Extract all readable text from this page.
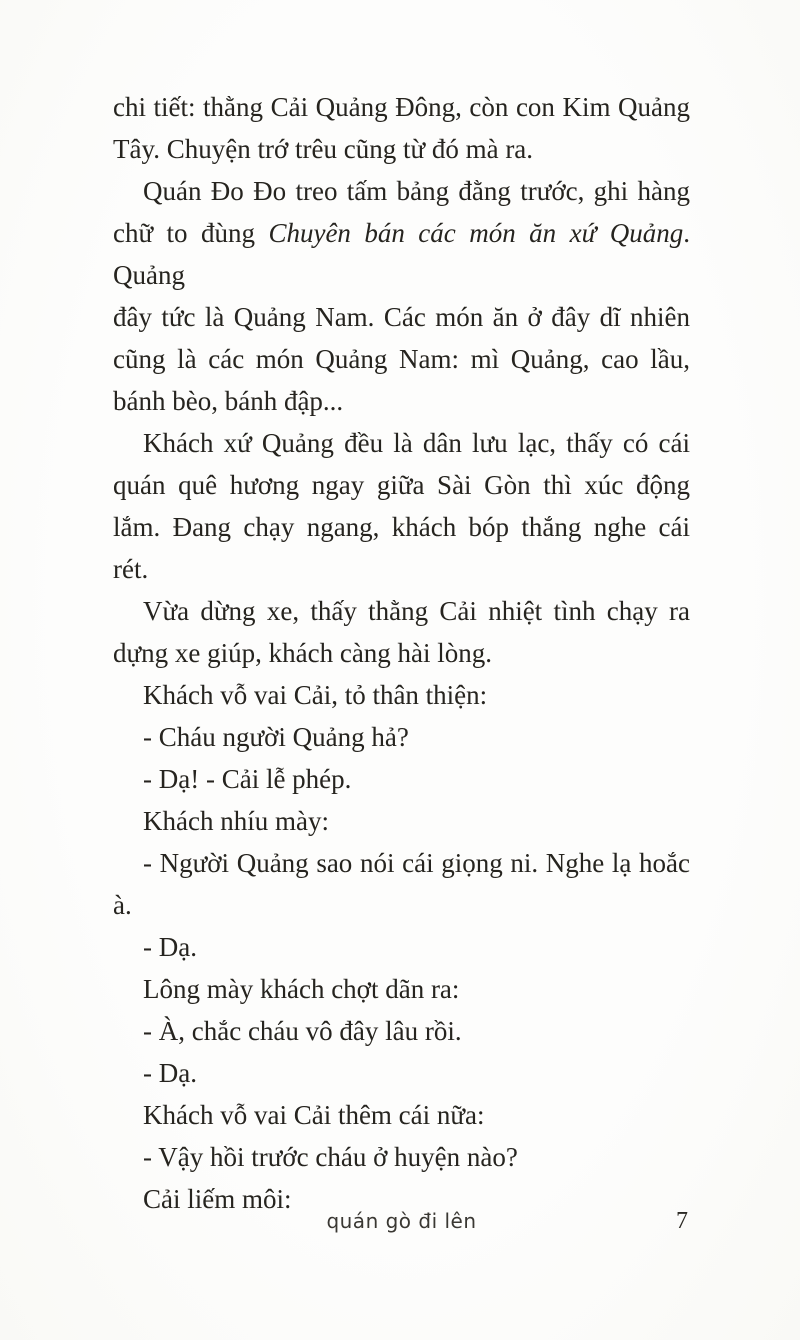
chi tiết: thằng Cải Quảng Đông, còn con Kim Quảng
Tây. Chuyện trớ trêu cũng từ đó mà ra.
Quán Đo Đo treo tấm bảng đằng trước, ghi hàng
chữ to đùng Chuyên bán các món ăn xứ Quảng. Quảng
đây tức là Quảng Nam. Các món ăn ở đây dĩ nhiên
cũng là các món Quảng Nam: mì Quảng, cao lầu,
bánh bèo, bánh đập...
Khách xứ Quảng đều là dân lưu lạc, thấy có cái
quán quê hương ngay giữa Sài Gòn thì xúc động
lắm. Đang chạy ngang, khách bóp thắng nghe cái
rét.
Vừa dừng xe, thấy thằng Cải nhiệt tình chạy ra
dựng xe giúp, khách càng hài lòng.
Khách vỗ vai Cải, tỏ thân thiện:
- Cháu người Quảng hả?
- Dạ! - Cải lễ phép.
Khách nhíu mày:
- Người Quảng sao nói cái giọng ni. Nghe lạ hoắc
à.
- Dạ.
Lông mày khách chợt dãn ra:
- À, chắc cháu vô đây lâu rồi.
- Dạ.
Khách vỗ vai Cải thêm cái nữa:
- Vậy hồi trước cháu ở huyện nào?
Cải liếm môi:
quán gò đi lên	7
